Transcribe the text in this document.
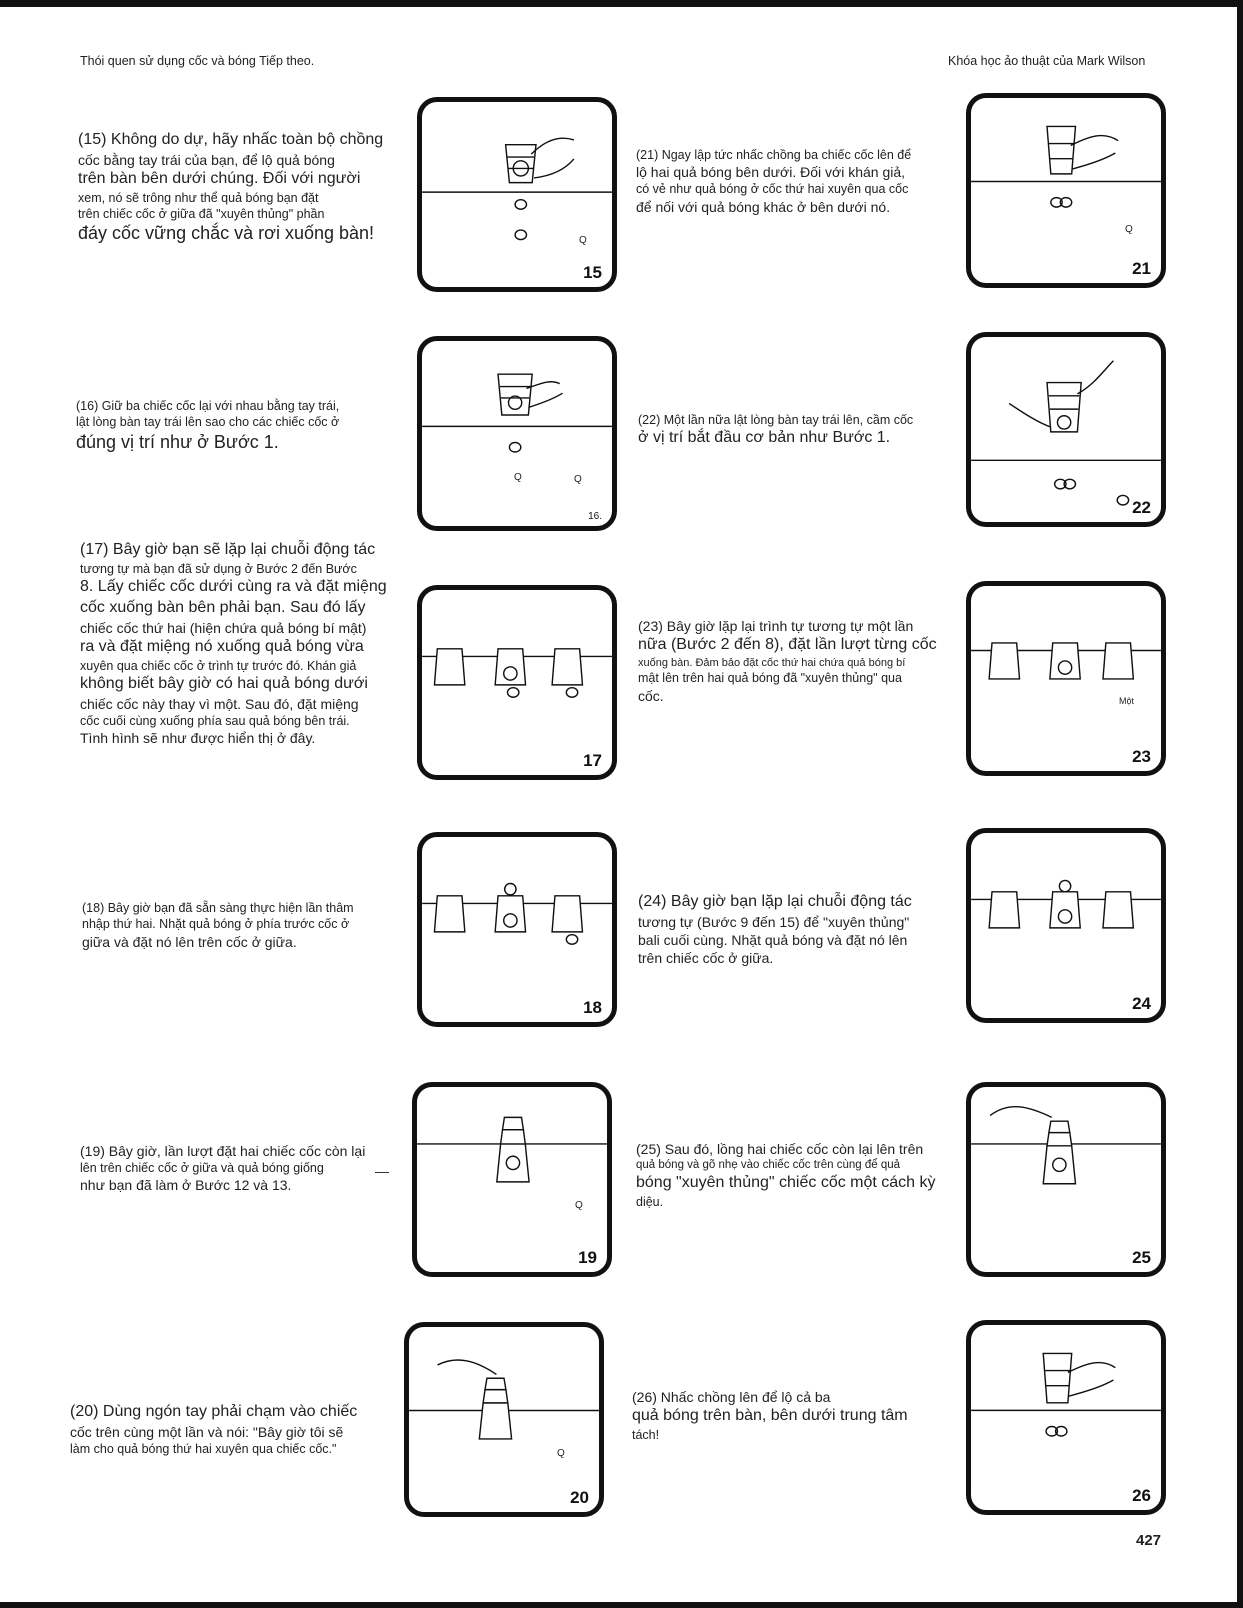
Thói quen sử dụng cốc và bóng Tiếp theo.	Khóa học ảo thuật của Mark Wilson
(15) Không do dự, hãy nhấc toàn bộ chồng
cốc bằng tay trái của bạn, để lộ quả bóng
trên bàn bên dưới chúng. Đối với người
xem, nó sẽ trông như thể quả bóng bạn đặt
trên chiếc cốc ở giữa đã "xuyên thủng" phần
đáy cốc vững chắc và rơi xuống bàn!
(16) Giữ ba chiếc cốc lại với nhau bằng tay trái,
lật lòng bàn tay trái lên sao cho các chiếc cốc ở
đúng vị trí như ở Bước 1.
(17) Bây giờ bạn sẽ lặp lại chuỗi động tác
tương tự mà bạn đã sử dụng ở Bước 2 đến Bước
8. Lấy chiếc cốc dưới cùng ra và đặt miệng
cốc xuống bàn bên phải bạn. Sau đó lấy
chiếc cốc thứ hai (hiện chứa quả bóng bí mật)
ra và đặt miệng nó xuống quả bóng vừa
xuyên qua chiếc cốc ở trình tự trước đó. Khán giả
không biết bây giờ có hai quả bóng dưới
chiếc cốc này thay vì một. Sau đó, đặt miệng
cốc cuối cùng xuống phía sau quả bóng bên trái.
Tình hình sẽ như được hiển thị ở đây.
(18) Bây giờ bạn đã sẵn sàng thực hiện lần thâm
nhập thứ hai. Nhặt quả bóng ở phía trước cốc ở
giữa và đặt nó lên trên cốc ở giữa.
(19) Bây giờ, lần lượt đặt hai chiếc cốc còn lại
lên trên chiếc cốc ở giữa và quả bóng giống
như bạn đã làm ở Bước 12 và 13.
—
(20) Dùng ngón tay phải chạm vào chiếc
cốc trên cùng một lần và nói: "Bây giờ tôi sẽ
làm cho quả bóng thứ hai xuyên qua chiếc cốc."
(21) Ngay lập tức nhấc chồng ba chiếc cốc lên để
lộ hai quả bóng bên dưới. Đối với khán giả,
có vẻ như quả bóng ở cốc thứ hai xuyên qua cốc
để nối với quả bóng khác ở bên dưới nó.
(22) Một lần nữa lật lòng bàn tay trái lên, cầm cốc
ở vị trí bắt đầu cơ bản như Bước 1.
(23) Bây giờ lặp lại trình tự tương tự một lần
nữa (Bước 2 đến 8), đặt lần lượt từng cốc
xuống bàn. Đảm bảo đặt cốc thứ hai chứa quả bóng bí
mật lên trên hai quả bóng đã "xuyên thủng" qua
cốc.
(24) Bây giờ bạn lặp lại chuỗi động tác
tương tự (Bước 9 đến 15) để "xuyên thủng"
bali cuối cùng. Nhặt quả bóng và đặt nó lên
trên chiếc cốc ở giữa.
(25) Sau đó, lồng hai chiếc cốc còn lại lên trên
quả bóng và gõ nhẹ vào chiếc cốc trên cùng để quả
bóng "xuyên thủng" chiếc cốc một cách kỳ
diệu.
(26) Nhấc chồng lên để lộ cả ba
quả bóng trên bàn, bên dưới trung tâm
tách!
Q
15
Q	Q
16.
17
18
Q
19
Q
20
Q
21
22
Một
23
24
25
26
427
